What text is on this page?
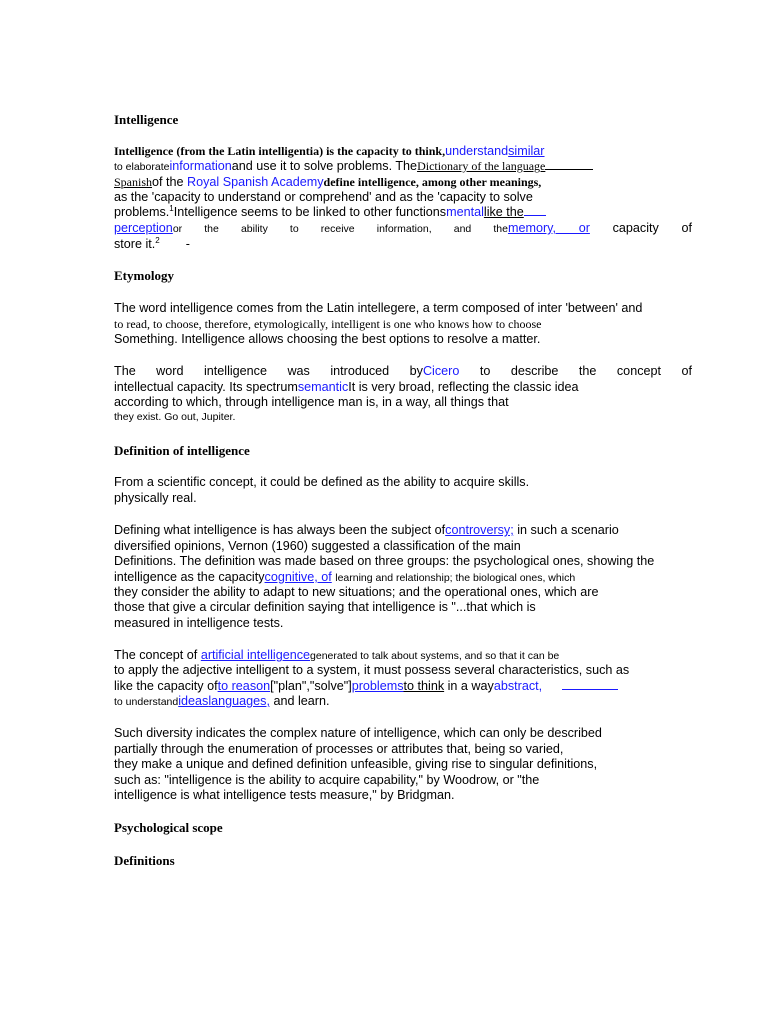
Intelligence
Intelligence (from the Latin intelligentia) is the capacity to think,understandsimilar
to elaborateinformationand use it to solve problems. TheDictionary of the language
Spanishof the Royal Spanish Academydefine intelligence, among other meanings,
as the 'capacity to understand or comprehend' and as the 'capacity to solve
problems.$^1$Intelligence seems to be linked to other functionsmentallike the
perceptionor the ability to receive information, and thememory, or capacity of
store it.$^2$ -
Etymology
The word intelligence comes from the Latin intellegere, a term composed of inter 'between' and
to read, to choose, therefore, etymologically, intelligent is one who knows how to choose
Something. Intelligence allows choosing the best options to resolve a matter.
The word intelligence was introduced byCicero to describe the concept of
intellectual capacity. Its spectrumsemanticIt is very broad, reflecting the classic idea
according to which, through intelligence man is, in a way, all things that
they exist. Go out, Jupiter.
Definition of intelligence
From a scientific concept, it could be defined as the ability to acquire skills.
physically real.
Defining what intelligence is has always been the subject ofcontroversy; in such a scenario
diversified opinions, Vernon (1960) suggested a classification of the main
Definitions. The definition was made based on three groups: the psychological ones, showing the
intelligence as the capacitycognitive, of learning and relationship; the biological ones, which
they consider the ability to adapt to new situations; and the operational ones, which are
those that give a circular definition saying that intelligence is "...that which is
measured in intelligence tests.
The concept of artificial intelligencegenerated to talk about systems, and so that it can be
to apply the adjective intelligent to a system, it must possess several characteristics, such as
like the capacity ofto reason["plan","solve"]problemsto think in a wayabstract,
to understandideaslanguages, and learn.
Such diversity indicates the complex nature of intelligence, which can only be described
partially through the enumeration of processes or attributes that, being so varied,
they make a unique and defined definition unfeasible, giving rise to singular definitions,
such as: "intelligence is the ability to acquire capability," by Woodrow, or "the
intelligence is what intelligence tests measure," by Bridgman.
Psychological scope
Definitions
